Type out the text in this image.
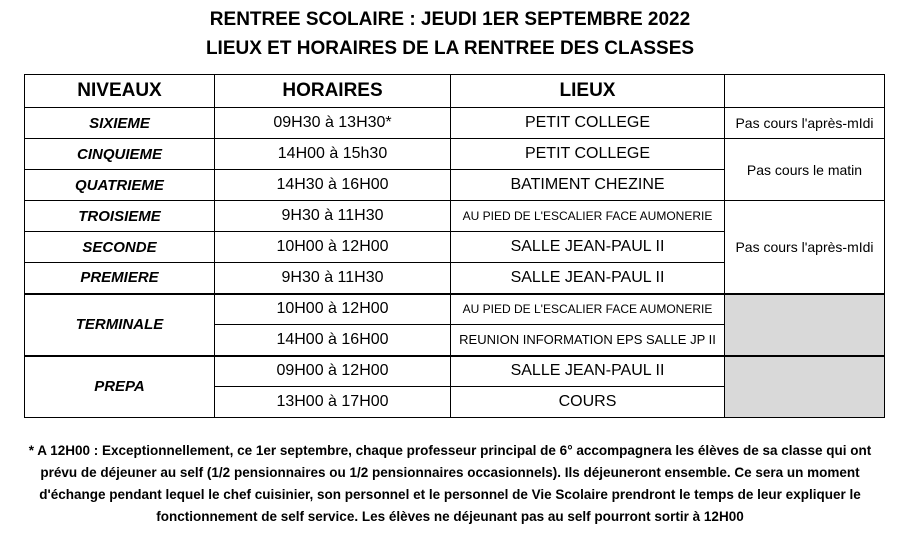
RENTREE SCOLAIRE : JEUDI 1ER SEPTEMBRE 2022
LIEUX ET HORAIRES DE LA RENTREE DES CLASSES
NIVEAUX	HORAIRES	LIEUX	
SIXIEME	09H30 à 13H30*	PETIT COLLEGE	Pas cours l'après-mIdi
CINQUIEME	14H00 à 15h30	PETIT COLLEGE	Pas cours le matin
QUATRIEME	14H30 à 16H00	BATIMENT CHEZINE	
TROISIEME	9H30 à 11H30	AU PIED DE L'ESCALIER FACE AUMONERIE	Pas cours l'après-mIdi
SECONDE	10H00 à 12H00	SALLE JEAN-PAUL II	
PREMIERE	9H30 à 11H30	SALLE JEAN-PAUL II	
TERMINALE	10H00 à 12H00	AU PIED DE L'ESCALIER FACE AUMONERIE	
	14H00 à 16H00	REUNION INFORMATION EPS SALLE JP II	
PREPA	09H00 à 12H00	SALLE JEAN-PAUL II	
	13H00 à 17H00	COURS	
* A 12H00 : Exceptionnellement, ce 1er septembre, chaque professeur principal de 6° accompagnera les élèves de sa classe qui ont prévu de déjeuner au self (1/2 pensionnaires ou 1/2 pensionnaires occasionnels). Ils déjeuneront ensemble. Ce sera un moment d'échange pendant lequel le chef cuisinier, son personnel et le personnel de Vie Scolaire prendront le temps de leur expliquer le fonctionnement de self service. Les élèves ne déjeunant pas au self pourront sortir à 12H00
